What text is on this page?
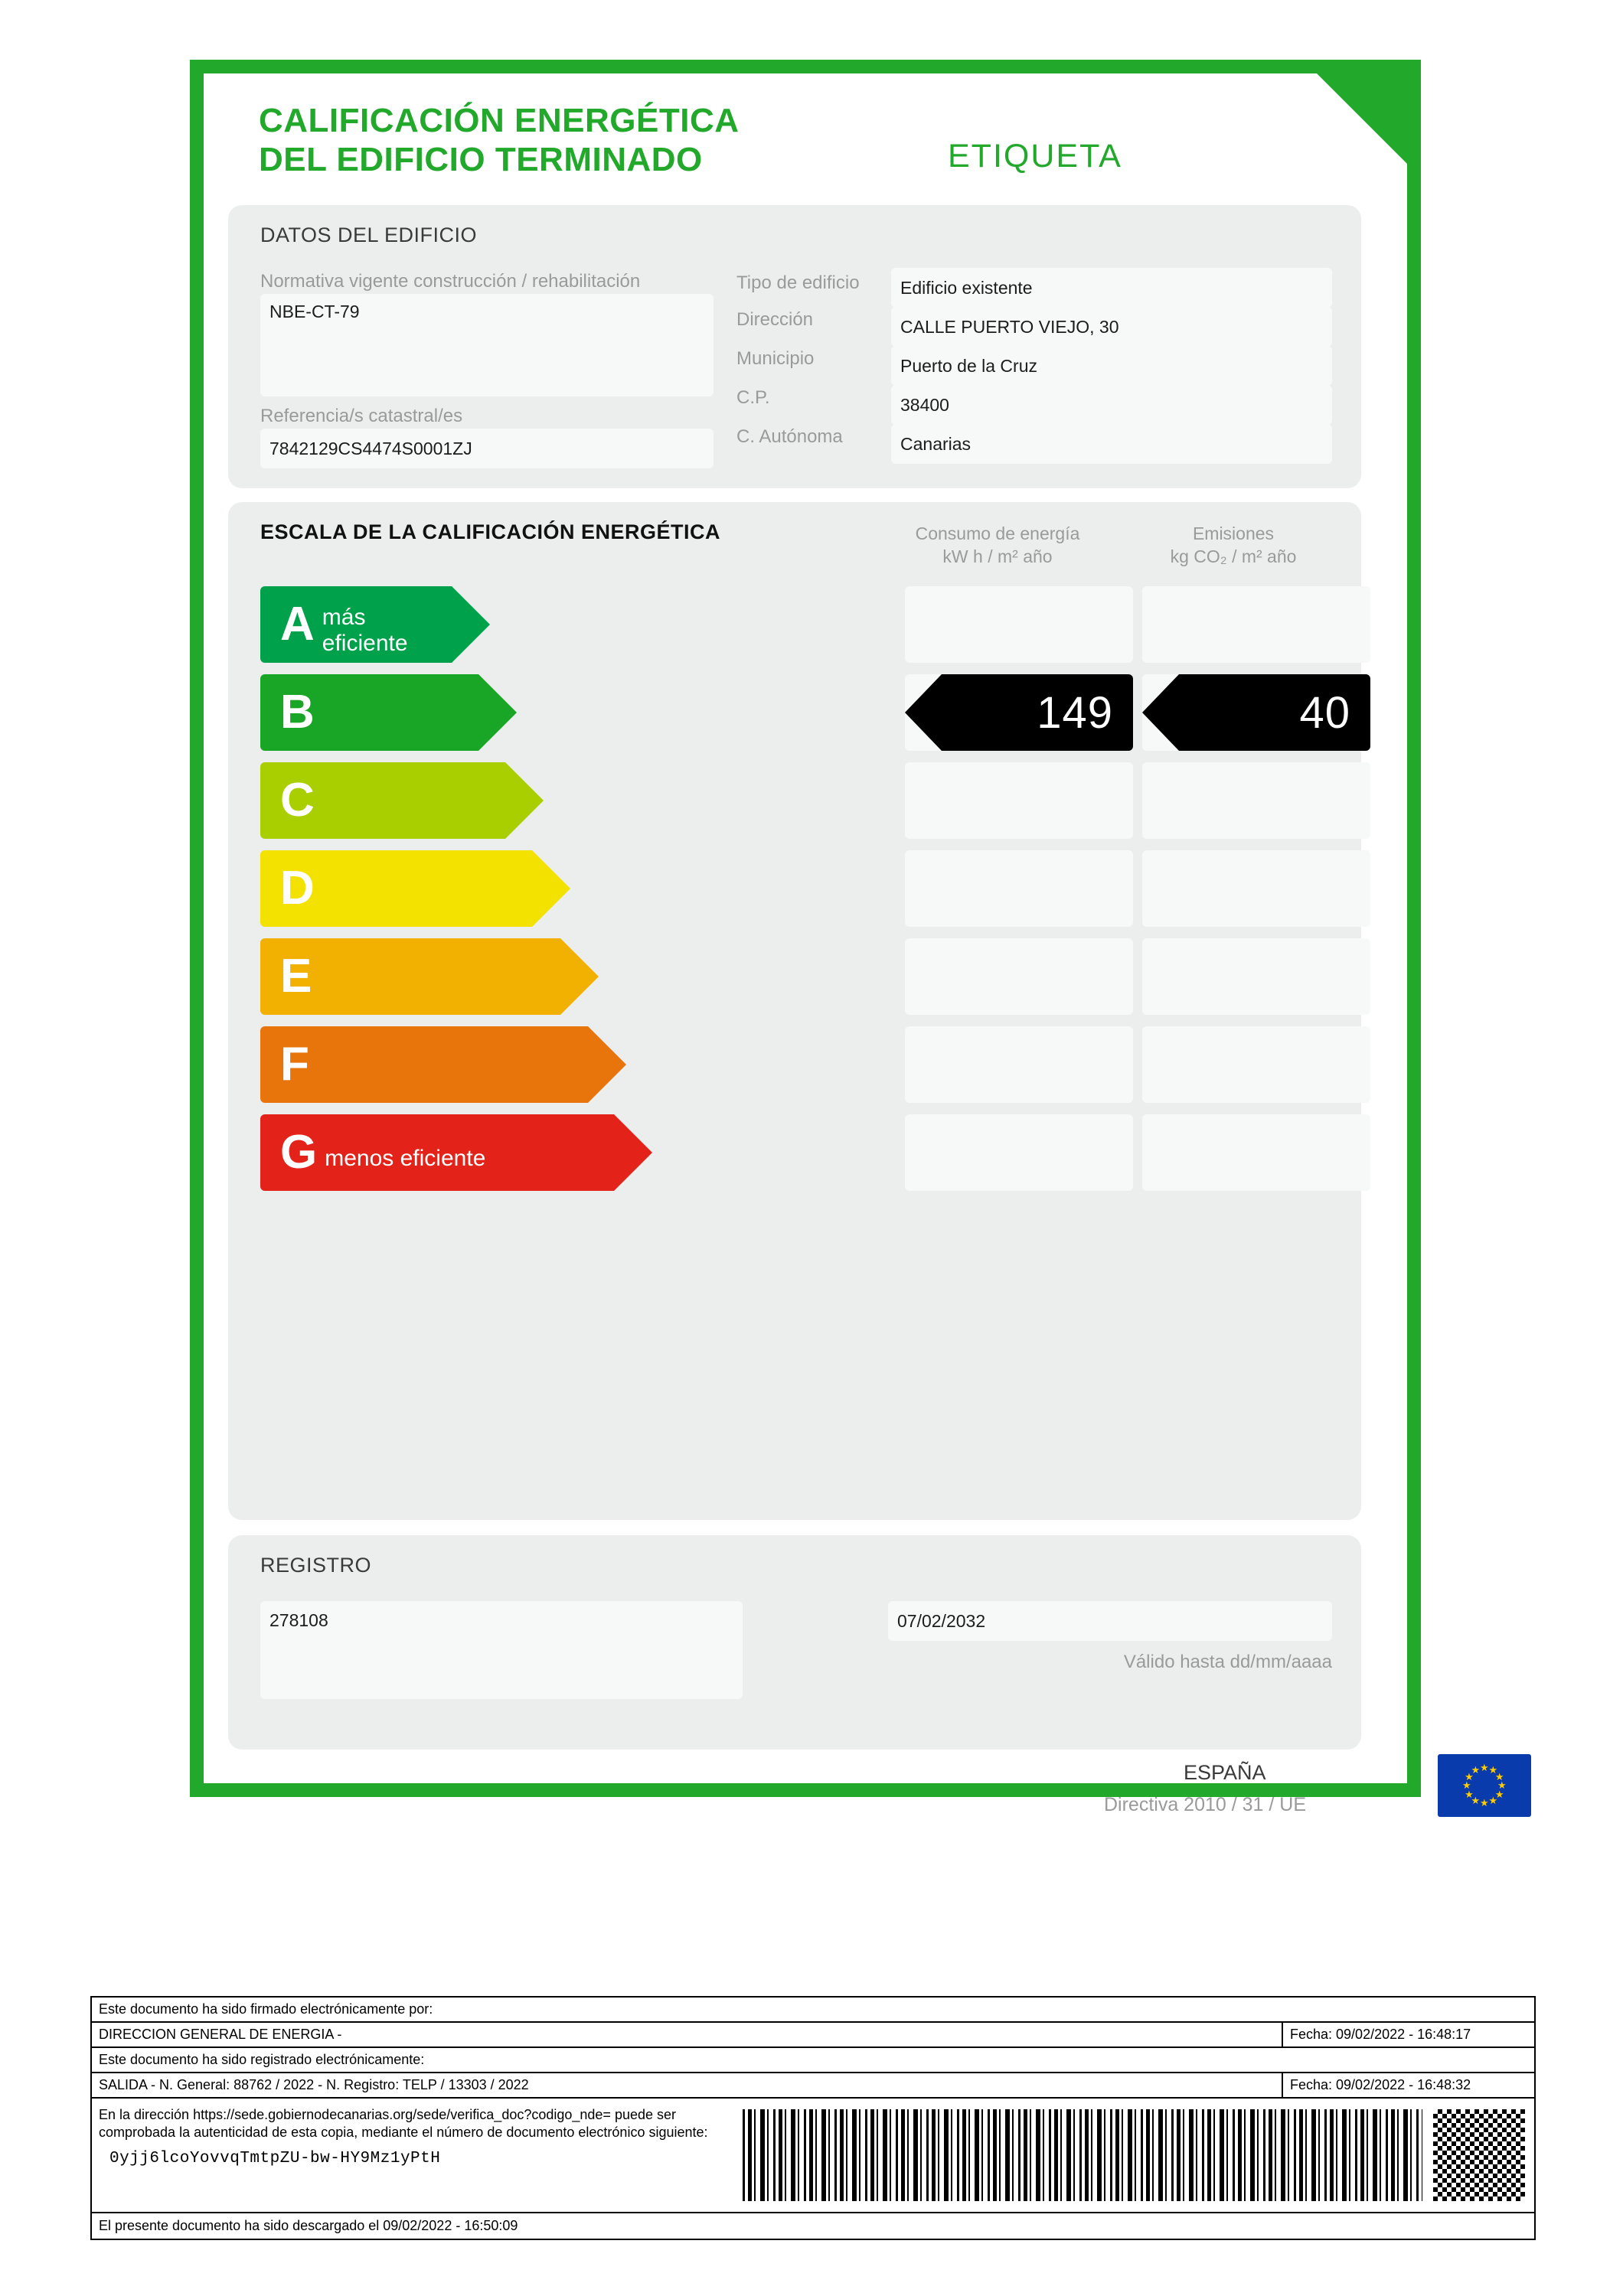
CALIFICACIÓN ENERGÉTICA
DEL EDIFICIO TERMINADO	ETIQUETA
DATOS DEL EDIFICIO
Normativa vigente construcción / rehabilitación
NBE-CT-79
Referencia/s catastral/es
7842129CS4474S0001ZJ
Tipo de edificio	Edificio existente
Dirección	CALLE PUERTO VIEJO, 30
Municipio	Puerto de la Cruz
C.P.	38400
C. Autónoma	Canarias
ESCALA DE LA CALIFICACIÓN ENERGÉTICA	Consumo de energía
kW h / m² año
Emisiones
kg CO₂ / m² año
A más eficiente
B	149	40
C
D
E
F
G menos eficiente
REGISTRO
278108	07/02/2032
Válido hasta dd/mm/aaaa
ESPAÑA
Directiva 2010 / 31 / UE
★ ★
★
★
★
★
★
★
★
★
★
★
Este documento ha sido firmado electrónicamente por:
DIRECCION GENERAL DE ENERGIA -	Fecha: 09/02/2022 - 16:48:17
Este documento ha sido registrado electrónicamente:
SALIDA - N. General: 88762 / 2022 - N. Registro: TELP / 13303 / 2022	Fecha: 09/02/2022 - 16:48:32
En la dirección https://sede.gobiernodecanarias.org/sede/verifica_doc?codigo_nde= puede ser comprobada la autenticidad de esta copia, mediante el número de documento electrónico siguiente:
0yjj6lcoYovvqTmtpZU-bw-HY9Mz1yPtH
El presente documento ha sido descargado el 09/02/2022 - 16:50:09
